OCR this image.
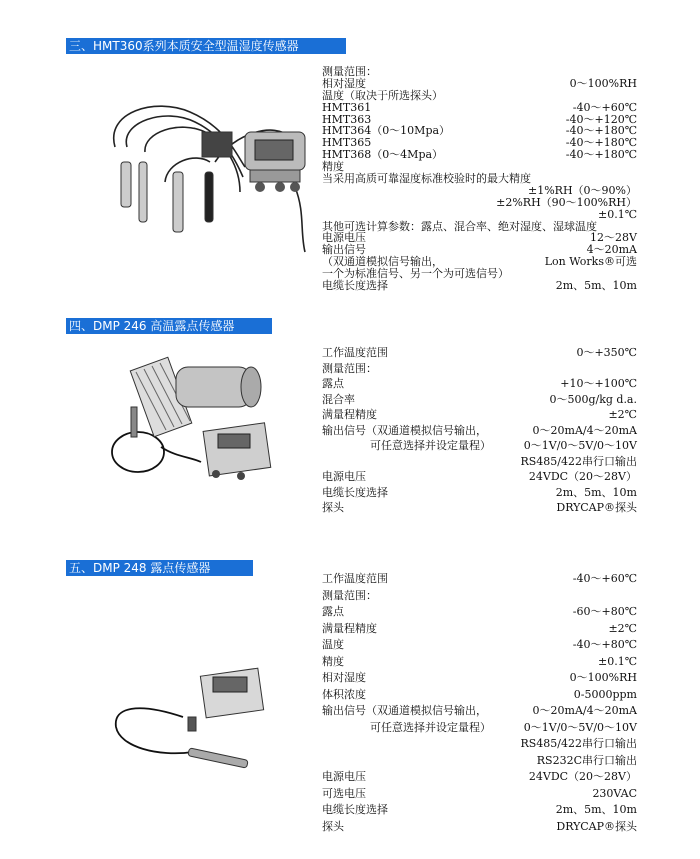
三、HMT360系列本质安全型温湿度传感器
测量范围：
相对湿度	0～100%RH
温度（取决于所选探头）
HMT361	-40～+60℃
HMT363	-40～+120℃
HMT364（0～10Mpa）	-40～+180℃
HMT365	-40～+180℃
HMT368（0～4Mpa）	-40～+180℃
精度
当采用高质可靠湿度标准校验时的最大精度
±1%RH（0～90%）
±2%RH（90～100%RH）
±0.1℃
其他可选计算参数：露点、混合率、绝对湿度、湿球温度
电源电压	12～28V
输出信号	4～20mA
（双通道模拟信号输出，	Lon Works®可选
一个为标准信号、另一个为可选信号）
电缆长度选择	2m、5m、10m
四、DMP 246 高温露点传感器
工作温度范围	0～+350℃
测量范围：
露点	+10～+100℃
混合率	0～500g/kg d.a.
满量程精度	±2℃
输出信号（双通道模拟信号输出，	0～20mA/4～20mA
可任意选择并设定量程）	0～1V/0～5V/0～10V
RS485/422串行口输出
电源电压	24VDC（20～28V）
电缆长度选择	2m、5m、10m
探头	DRYCAP®探头
五、DMP 248 露点传感器
工作温度范围	-40～+60℃
测量范围：
露点	-60～+80℃
满量程精度	±2℃
温度	-40～+80℃
精度	±0.1℃
相对湿度	0～100%RH
体积浓度	0-5000ppm
输出信号（双通道模拟信号输出，	0～20mA/4～20mA
可任意选择并设定量程）	0～1V/0～5V/0～10V
RS485/422串行口输出
RS232C串行口输出
电源电压	24VDC（20～28V）
可选电压	230VAC
电缆长度选择	2m、5m、10m
探头	DRYCAP®探头
